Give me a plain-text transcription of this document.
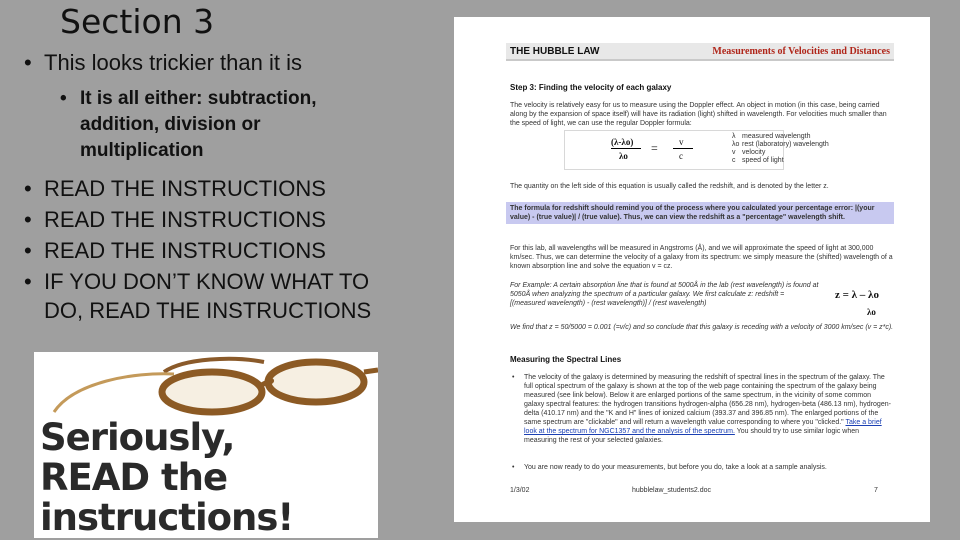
Section 3
• This looks trickier than it is
• It is all either: subtraction, addition, division or multiplication
• READ THE INSTRUCTIONS
• READ THE INSTRUCTIONS
• READ THE INSTRUCTIONS
• IF YOU DON’T KNOW WHAT TO
DO, READ THE INSTRUCTIONS
Seriously,
READ the
instructions!
THE HUBBLE LAW	Measurements of Velocities and Distances
Step 3: Finding the velocity of each galaxy
The velocity is relatively easy for us to measure using the Doppler effect. An object in motion (in this case, being carried along by the expansion of space itself) will have its radiation (light) shifted in wavelength. For velocities much smaller than the speed of light, we can use the regular Doppler formula:
(λ-λo)
λo
= v
c
λ measured wavelength
λo rest (laboratory) wavelength
v velocity
c speed of light
The quantity on the left side of this equation is usually called the redshift, and is denoted by the letter z.
The formula for redshift should remind you of the process where you calculated your percentage error: |(your value) - (true value)| / (true value). Thus, we can view the redshift as a "percentage" wavelength shift.
For this lab, all wavelengths will be measured in Angstroms (Å), and we will approximate the speed of light at 300,000 km/sec. Thus, we can determine the velocity of a galaxy from its spectrum: we simply measure the (shifted) wavelength of a known absorption line and solve the equation v = cz.
For Example: A certain absorption line that is found at 5000Å in the lab (rest wavelength) is found at 5050Å when analyzing the spectrum of a particular galaxy. We first calculate z: redshift = [(measured wavelength) - (rest wavelength)] / (rest wavelength)
z = λ – λo
λo
We find that z = 50/5000 = 0.001 (=v/c) and so conclude that this galaxy is receding with a velocity of 3000 km/sec (v = z*c).
Measuring the Spectral Lines
• The velocity of the galaxy is determined by measuring the redshift of spectral lines in the spectrum of the galaxy. The full optical spectrum of the galaxy is shown at the top of the web page containing the spectrum of the galaxy being measured (see link below). Below it are enlarged portions of the same spectrum, in the vicinity of some common galaxy spectral features: the hydrogen transitions hydrogen-alpha (656.28 nm), hydrogen-beta (486.13 nm), hydrogen-delta (410.17 nm) and the "K and H" lines of ionized calcium (393.37 and 396.85 nm). The enlarged portions of the same spectrum are "clickable" and will return a wavelength value corresponding to where you "clicked." Take a brief look at the spectrum for NGC1357 and the analysis of the spectrum. You should try to use similar logic when measuring the rest of your selected galaxies.
• You are now ready to do your measurements, but before you do, take a look at a sample analysis.
1/3/02	hubblelaw_students2.doc	7
